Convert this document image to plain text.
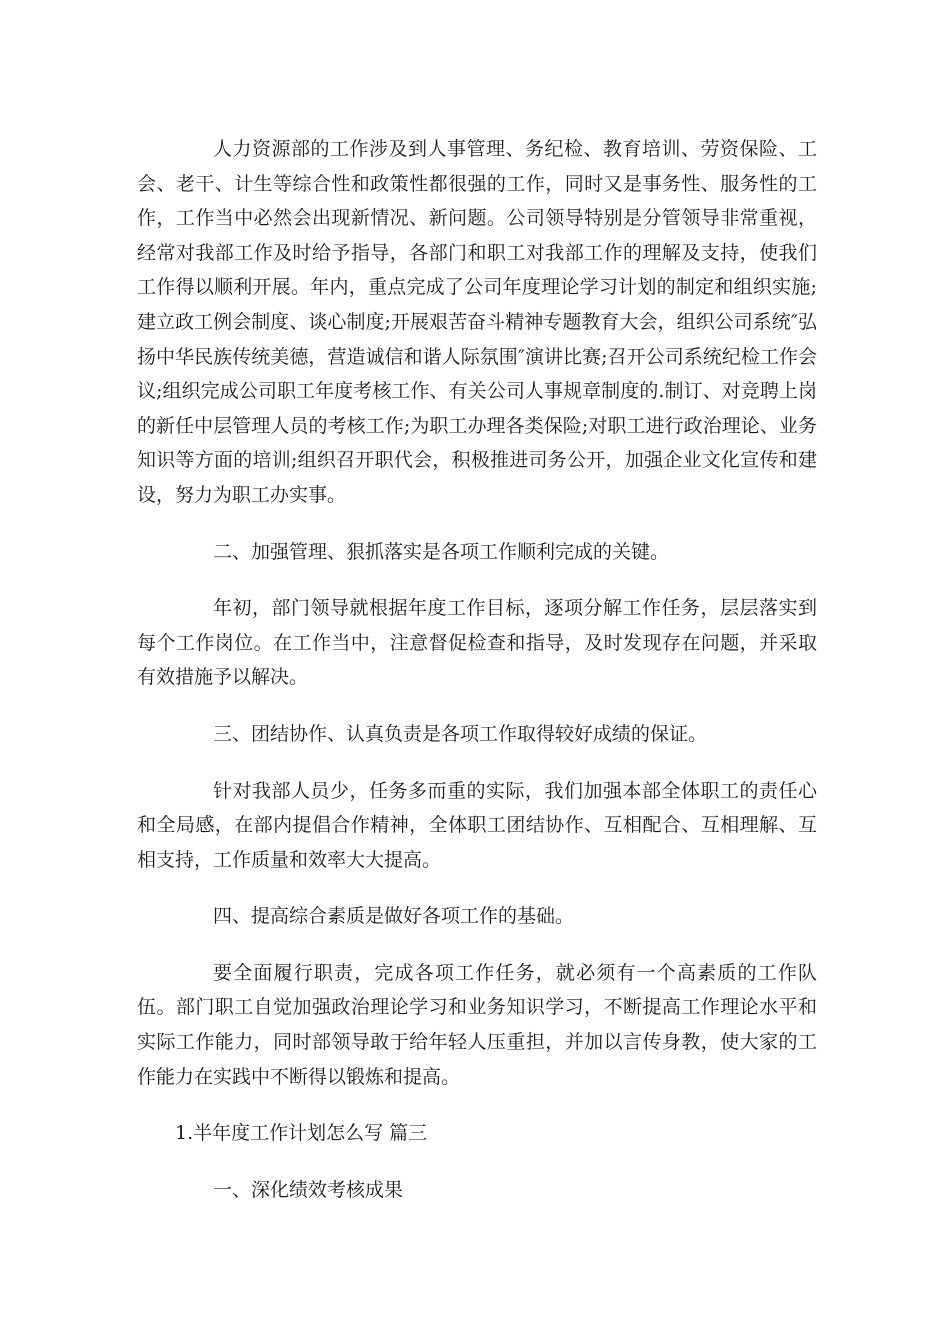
人力资源部的工作涉及到人事管理、务纪检、教育培训、劳资保险、工会、老干、计生等综合性和政策性都很强的工作，同时又是事务性、服务性的工作，工作当中必然会出现新情况、新问题。公司领导特别是分管领导非常重视，经常对我部工作及时给予指导，各部门和职工对我部工作的理解及支持，使我们工作得以顺利开展。年内，重点完成了公司年度理论学习计划的制定和组织实施;建立政工例会制度、谈心制度;开展艰苦奋斗精神专题教育大会，组织公司系统″弘扬中华民族传统美德，营造诚信和谐人际氛围″演讲比赛;召开公司系统纪检工作会议;组织完成公司职工年度考核工作、有关公司人事规章制度的.制订、对竞聘上岗的新任中层管理人员的考核工作;为职工办理各类保险;对职工进行政治理论、业务知识等方面的培训;组织召开职代会，积极推进司务公开，加强企业文化宣传和建设，努力为职工办实事。

二、加强管理、狠抓落实是各项工作顺利完成的关键。

年初，部门领导就根据年度工作目标，逐项分解工作任务，层层落实到每个工作岗位。在工作当中，注意督促检查和指导，及时发现存在问题，并采取有效措施予以解决。

三、团结协作、认真负责是各项工作取得较好成绩的保证。

针对我部人员少，任务多而重的实际，我们加强本部全体职工的责任心和全局感，在部内提倡合作精神，全体职工团结协作、互相配合、互相理解、互相支持，工作质量和效率大大提高。

四、提高综合素质是做好各项工作的基础。

要全面履行职责，完成各项工作任务，就必须有一个高素质的工作队伍。部门职工自觉加强政治理论学习和业务知识学习，不断提高工作理论水平和实际工作能力，同时部领导敢于给年轻人压重担，并加以言传身教，使大家的工作能力在实践中不断得以锻炼和提高。

1.半年度工作计划怎么写 篇三

一、深化绩效考核成果
